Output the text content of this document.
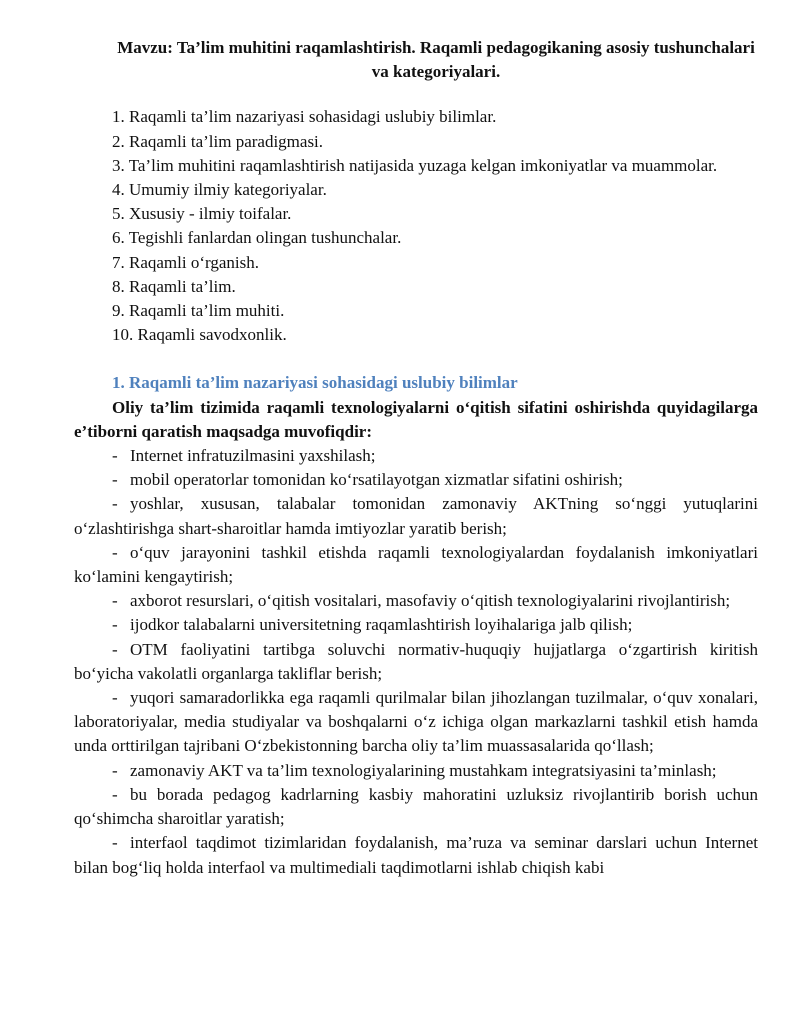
Mavzu: Ta’lim muhitini raqamlashtirish. Raqamli pedagogikaning asosiy tushunchalari va kategoriyalari.

1. Raqamli ta’lim nazariyasi sohasidagi uslubiy bilimlar.
2. Raqamli ta’lim paradigmasi.
3. Ta’lim muhitini raqamlashtirish natijasida yuzaga kelgan imkoniyatlar va muammolar.
4. Umumiy ilmiy kategoriyalar.
5. Xususiy - ilmiy toifalar.
6. Tegishli fanlardan olingan tushunchalar.
7. Raqamli o‘rganish.
8. Raqamli ta’lim.
9. Raqamli ta’lim muhiti.
10. Raqamli savodxonlik.

1. Raqamli ta’lim nazariyasi sohasidagi uslubiy bilimlar

Oliy ta’lim tizimida raqamli texnologiyalarni o‘qitish sifatini oshirishda quyidagilarga e’tiborni qaratish maqsadga muvofiqdir:

- Internet infratuzilmasini yaxshilash;
- mobil operatorlar tomonidan ko‘rsatilayotgan xizmatlar sifatini oshirish;
- yoshlar, xususan, talabalar tomonidan zamonaviy AKTning so‘nggi yutuqlarini o‘zlashtirishga shart-sharoitlar hamda imtiyozlar yaratib berish;
- o‘quv jarayonini tashkil etishda raqamli texnologiyalardan foydalanish imkoniyatlari ko‘lamini kengaytirish;
- axborot resurslari, o‘qitish vositalari, masofaviy o‘qitish texnologiyalarini rivojlantirish;
- ijodkor talabalarni universitetning raqamlashtirish loyihalariga jalb qilish;
- OTM faoliyatini tartibga soluvchi normativ-huquqiy hujjatlarga o‘zgartirish kiritish bo‘yicha vakolatli organlarga takliflar berish;
- yuqori samaradorlikka ega raqamli qurilmalar bilan jihozlangan tuzilmalar, o‘quv xonalari, laboratoriyalar, media studiyalar va boshqalarni o‘z ichiga olgan markazlarni tashkil etish hamda unda orttirilgan tajribani O‘zbekistonning barcha oliy ta’lim muassasalarida qo‘llash;
- zamonaviy AKT va ta’lim texnologiyalarining mustahkam integratsiyasini ta’minlash;
- bu borada pedagog kadrlarning kasbiy mahoratini uzluksiz rivojlantirib borish uchun qo‘shimcha sharoitlar yaratish;
- interfaol taqdimot tizimlaridan foydalanish, ma’ruza va seminar darslari uchun Internet bilan bog‘liq holda interfaol va multimediali taqdimotlarni ishlab chiqish kabi
